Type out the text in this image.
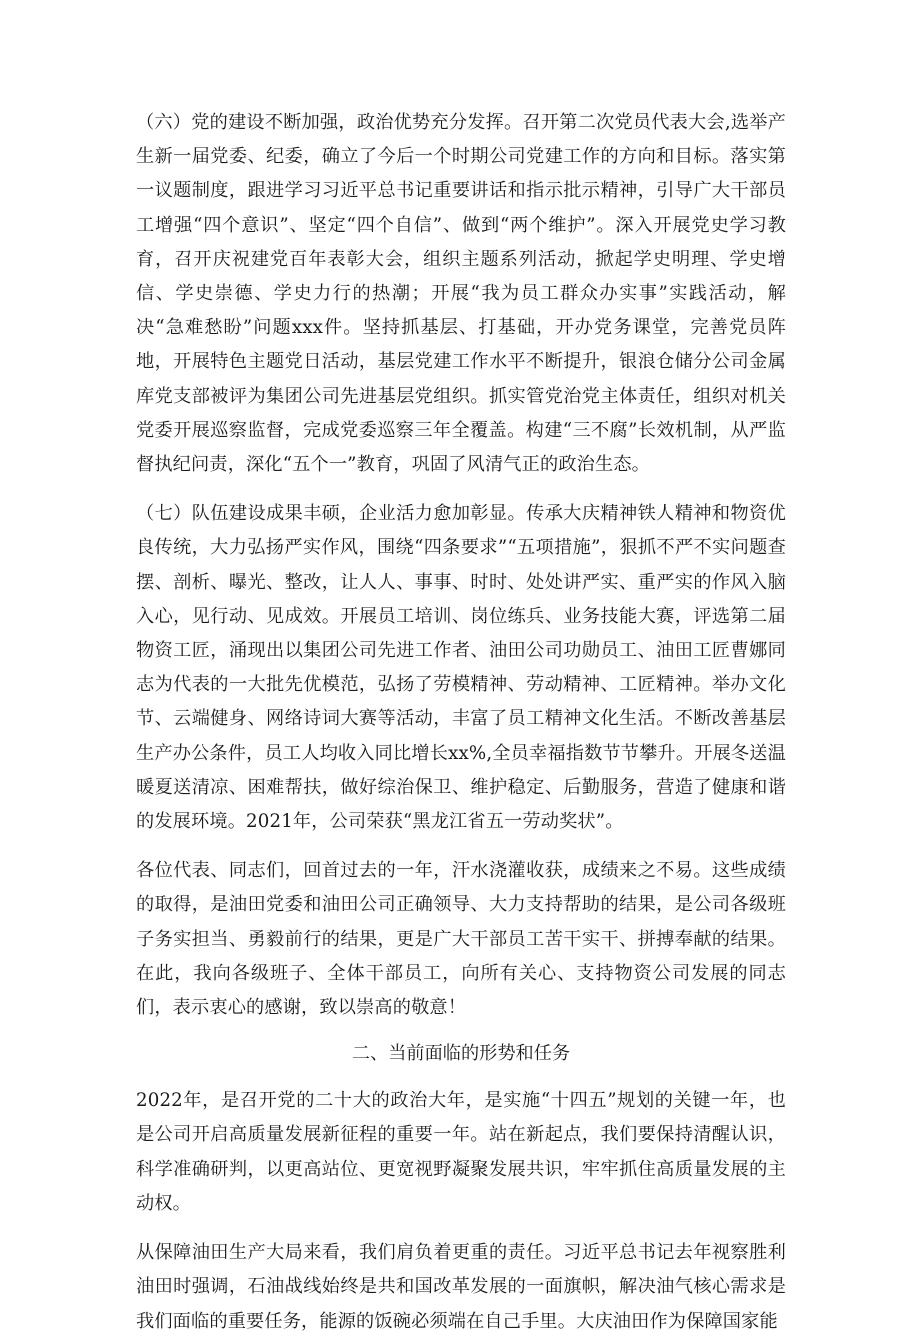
（六）党的建设不断加强，政治优势充分发挥。召开第二次党员代表大会,选举产生新一届党委、纪委，确立了今后一个时期公司党建工作的方向和目标。落实第一议题制度，跟进学习习近平总书记重要讲话和指示批示精神，引导广大干部员工增强“四个意识”、坚定“四个自信”、做到“两个维护”。深入开展党史学习教育，召开庆祝建党百年表彰大会，组织主题系列活动，掀起学史明理、学史增信、学史崇德、学史力行的热潮；开展“我为员工群众办实事”实践活动，解决“急难愁盼”问题xxx件。坚持抓基层、打基础，开办党务课堂，完善党员阵地，开展特色主题党日活动，基层党建工作水平不断提升，银浪仓储分公司金属库党支部被评为集团公司先进基层党组织。抓实管党治党主体责任，组织对机关党委开展巡察监督，完成党委巡察三年全覆盖。构建“三不腐”长效机制，从严监督执纪问责，深化“五个一”教育，巩固了风清气正的政治生态。

（七）队伍建设成果丰硕，企业活力愈加彰显。传承大庆精神铁人精神和物资优良传统，大力弘扬严实作风，围绕“四条要求”“五项措施”，狠抓不严不实问题查摆、剖析、曝光、整改，让人人、事事、时时、处处讲严实、重严实的作风入脑入心，见行动、见成效。开展员工培训、岗位练兵、业务技能大赛，评选第二届物资工匠，涌现出以集团公司先进工作者、油田公司功勋员工、油田工匠曹娜同志为代表的一大批先优模范，弘扬了劳模精神、劳动精神、工匠精神。举办文化节、云端健身、网络诗词大赛等活动，丰富了员工精神文化生活。不断改善基层生产办公条件，员工人均收入同比增长xx%,全员幸福指数节节攀升。开展冬送温暖夏送清凉、困难帮扶，做好综治保卫、维护稳定、后勤服务，营造了健康和谐的发展环境。2021年，公司荣获“黑龙江省五一劳动奖状”。

各位代表、同志们，回首过去的一年，汗水浇灌收获，成绩来之不易。这些成绩的取得，是油田党委和油田公司正确领导、大力支持帮助的结果，是公司各级班子务实担当、勇毅前行的结果，更是广大干部员工苦干实干、拼搏奉献的结果。在此，我向各级班子、全体干部员工，向所有关心、支持物资公司发展的同志们，表示衷心的感谢，致以崇高的敬意！

二、当前面临的形势和任务

2022年，是召开党的二十大的政治大年，是实施“十四五”规划的关键一年，也是公司开启高质量发展新征程的重要一年。站在新起点，我们要保持清醒认识，科学准确研判，以更高站位、更宽视野凝聚发展共识，牢牢抓住高质量发展的主动权。

从保障油田生产大局来看，我们肩负着更重的责任。习近平总书记去年视察胜利油田时强调，石油战线始终是共和国改革发展的一面旗帜，解决油气核心需求是我们面临的重要任务，能源的饭碗必须端在自己手里。大庆油田作为保障国家能
